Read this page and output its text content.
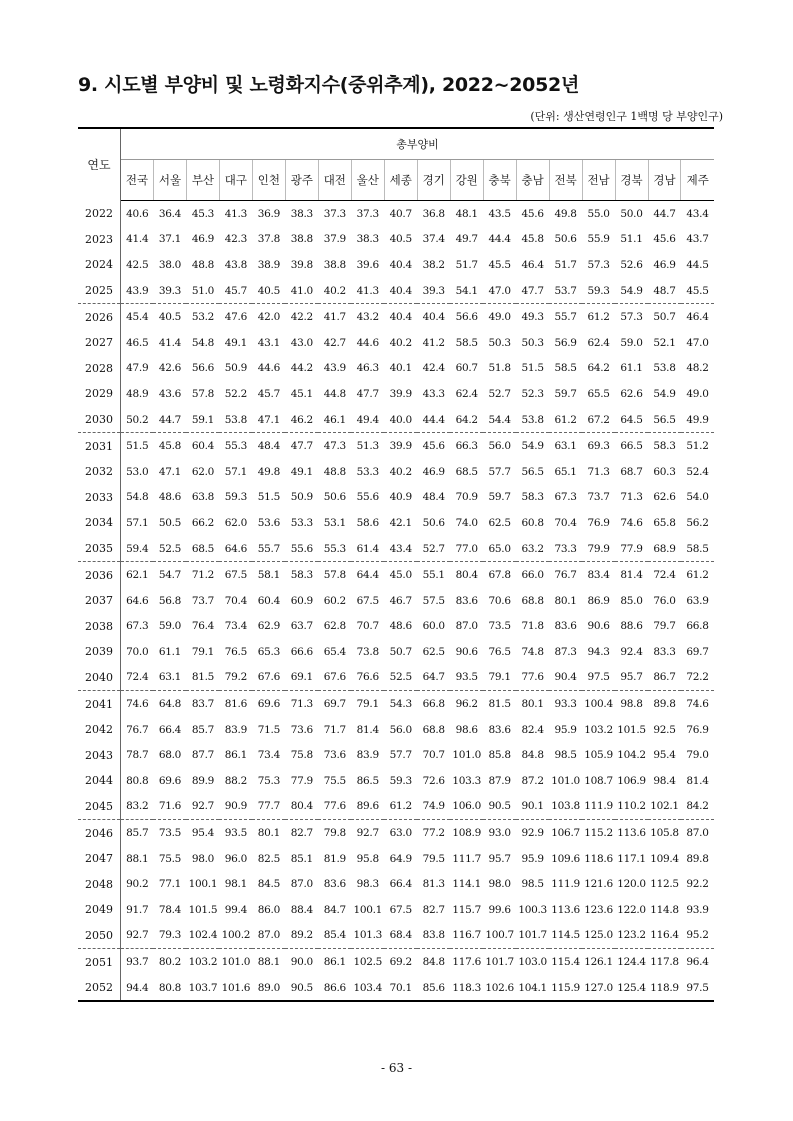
9. 시도별 부양비 및 노령화지수(중위추계), 2022~2052년
(단위: 생산연령인구 1백명 당 부양인구)
연도	총부양비																	
	전국	서울	부산	대구	인천	광주	대전	울산	세종	경기	강원	충북	충남	전북	전남	경북	경남	제주
2022	40.6	36.4	45.3	41.3	36.9	38.3	37.3	37.3	40.7	36.8	48.1	43.5	45.6	49.8	55.0	50.0	44.7	43.4
2023	41.4	37.1	46.9	42.3	37.8	38.8	37.9	38.3	40.5	37.4	49.7	44.4	45.8	50.6	55.9	51.1	45.6	43.7
2024	42.5	38.0	48.8	43.8	38.9	39.8	38.8	39.6	40.4	38.2	51.7	45.5	46.4	51.7	57.3	52.6	46.9	44.5
2025	43.9	39.3	51.0	45.7	40.5	41.0	40.2	41.3	40.4	39.3	54.1	47.0	47.7	53.7	59.3	54.9	48.7	45.5
2026	45.4	40.5	53.2	47.6	42.0	42.2	41.7	43.2	40.4	40.4	56.6	49.0	49.3	55.7	61.2	57.3	50.7	46.4
2027	46.5	41.4	54.8	49.1	43.1	43.0	42.7	44.6	40.2	41.2	58.5	50.3	50.3	56.9	62.4	59.0	52.1	47.0
2028	47.9	42.6	56.6	50.9	44.6	44.2	43.9	46.3	40.1	42.4	60.7	51.8	51.5	58.5	64.2	61.1	53.8	48.2
2029	48.9	43.6	57.8	52.2	45.7	45.1	44.8	47.7	39.9	43.3	62.4	52.7	52.3	59.7	65.5	62.6	54.9	49.0
2030	50.2	44.7	59.1	53.8	47.1	46.2	46.1	49.4	40.0	44.4	64.2	54.4	53.8	61.2	67.2	64.5	56.5	49.9
2031	51.5	45.8	60.4	55.3	48.4	47.7	47.3	51.3	39.9	45.6	66.3	56.0	54.9	63.1	69.3	66.5	58.3	51.2
2032	53.0	47.1	62.0	57.1	49.8	49.1	48.8	53.3	40.2	46.9	68.5	57.7	56.5	65.1	71.3	68.7	60.3	52.4
2033	54.8	48.6	63.8	59.3	51.5	50.9	50.6	55.6	40.9	48.4	70.9	59.7	58.3	67.3	73.7	71.3	62.6	54.0
2034	57.1	50.5	66.2	62.0	53.6	53.3	53.1	58.6	42.1	50.6	74.0	62.5	60.8	70.4	76.9	74.6	65.8	56.2
2035	59.4	52.5	68.5	64.6	55.7	55.6	55.3	61.4	43.4	52.7	77.0	65.0	63.2	73.3	79.9	77.9	68.9	58.5
2036	62.1	54.7	71.2	67.5	58.1	58.3	57.8	64.4	45.0	55.1	80.4	67.8	66.0	76.7	83.4	81.4	72.4	61.2
2037	64.6	56.8	73.7	70.4	60.4	60.9	60.2	67.5	46.7	57.5	83.6	70.6	68.8	80.1	86.9	85.0	76.0	63.9
2038	67.3	59.0	76.4	73.4	62.9	63.7	62.8	70.7	48.6	60.0	87.0	73.5	71.8	83.6	90.6	88.6	79.7	66.8
2039	70.0	61.1	79.1	76.5	65.3	66.6	65.4	73.8	50.7	62.5	90.6	76.5	74.8	87.3	94.3	92.4	83.3	69.7
2040	72.4	63.1	81.5	79.2	67.6	69.1	67.6	76.6	52.5	64.7	93.5	79.1	77.6	90.4	97.5	95.7	86.7	72.2
2041	74.6	64.8	83.7	81.6	69.6	71.3	69.7	79.1	54.3	66.8	96.2	81.5	80.1	93.3	100.4	98.8	89.8	74.6
2042	76.7	66.4	85.7	83.9	71.5	73.6	71.7	81.4	56.0	68.8	98.6	83.6	82.4	95.9	103.2	101.5	92.5	76.9
2043	78.7	68.0	87.7	86.1	73.4	75.8	73.6	83.9	57.7	70.7	101.0	85.8	84.8	98.5	105.9	104.2	95.4	79.0
2044	80.8	69.6	89.9	88.2	75.3	77.9	75.5	86.5	59.3	72.6	103.3	87.9	87.2	101.0	108.7	106.9	98.4	81.4
2045	83.2	71.6	92.7	90.9	77.7	80.4	77.6	89.6	61.2	74.9	106.0	90.5	90.1	103.8	111.9	110.2	102.1	84.2
2046	85.7	73.5	95.4	93.5	80.1	82.7	79.8	92.7	63.0	77.2	108.9	93.0	92.9	106.7	115.2	113.6	105.8	87.0
2047	88.1	75.5	98.0	96.0	82.5	85.1	81.9	95.8	64.9	79.5	111.7	95.7	95.9	109.6	118.6	117.1	109.4	89.8
2048	90.2	77.1	100.1	98.1	84.5	87.0	83.6	98.3	66.4	81.3	114.1	98.0	98.5	111.9	121.6	120.0	112.5	92.2
2049	91.7	78.4	101.5	99.4	86.0	88.4	84.7	100.1	67.5	82.7	115.7	99.6	100.3	113.6	123.6	122.0	114.8	93.9
2050	92.7	79.3	102.4	100.2	87.0	89.2	85.4	101.3	68.4	83.8	116.7	100.7	101.7	114.5	125.0	123.2	116.4	95.2
2051	93.7	80.2	103.2	101.0	88.1	90.0	86.1	102.5	69.2	84.8	117.6	101.7	103.0	115.4	126.1	124.4	117.8	96.4
2052	94.4	80.8	103.7	101.6	89.0	90.5	86.6	103.4	70.1	85.6	118.3	102.6	104.1	115.9	127.0	125.4	118.9	97.5
- 63 -
